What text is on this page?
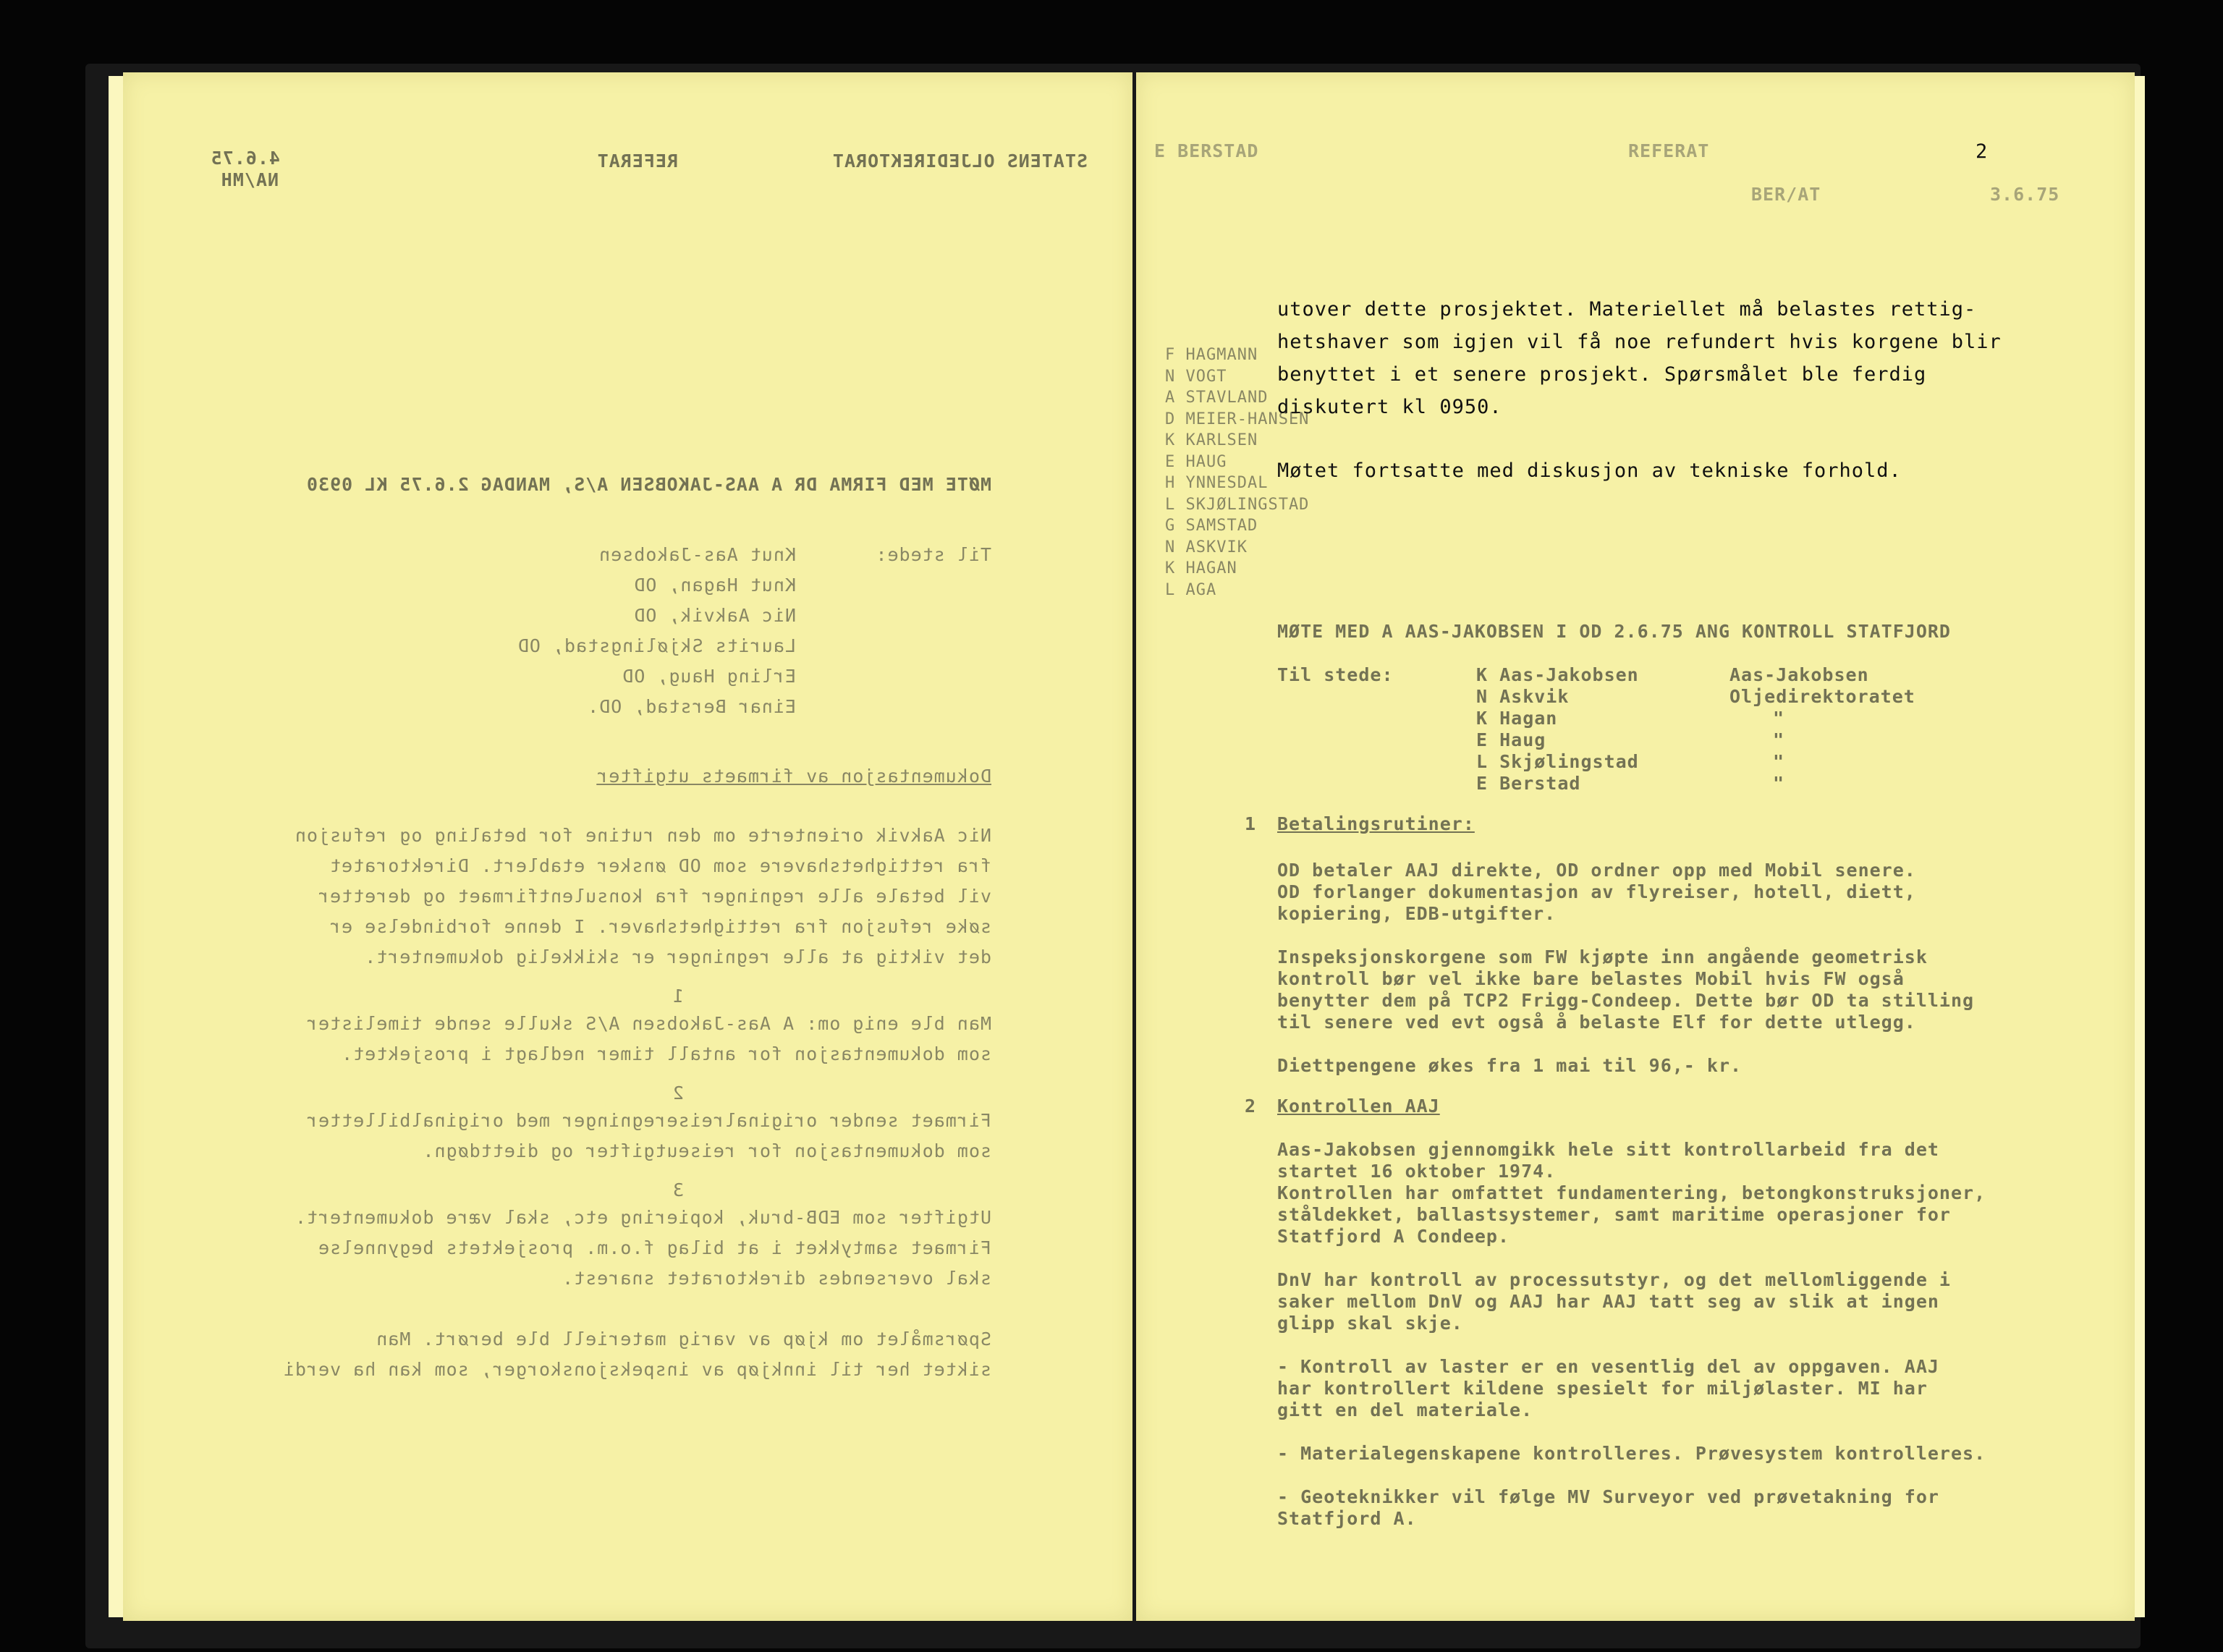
STATENS OLJEDIREKTORAT
REFERAT
4.6.75
NA/MH
MØTE MED FIRMA DR A AAS-JAKOBSEN A/S, MANDAG 2.6.75 KL 0930
Til stede:
Knut Aas-Jakobsen
Knut Hagan, OD
Nic Aakvik, OD
Laurits Skjølingstad, OD
Erling Haug, OD
Einar Berstad, OD.
Dokumentasjon av firmaets utgifter
Nic Aakvik orienterte om den rutine for betaling og refusjon
fra rettighetshavere som OD ønsker etablert. Direktoratet
vil betale alle regninger fra konsulentfirmaet og deretter
søke refusjon fra rettighetshaver. I denne forbindelse er
det viktig at alle regninger er skikkelig dokumentert.
1
Man ble enig om: A Aas-Jakobsen A/S skulle sende timelister
som dokumentasjon for antall timer nedlagt i prosjektet.
2
Firmaet sender originalreiseregninger med originalbilletter
som dokumentasjon for reiseutgifter og diettdøgn.
3
Utgifter som EDB-bruk, kopiering etc, skal være dokumentert.
Firmaet samtykket i at bilag f.o.m. prosjektets begynnelse
skal oversendes direktoratet snarest.
Spørsmålet om kjøp av varig materiell ble berørt. Man
siktet her til innkjøp av inspeksjonskorger, som kan ha verdi
E BERSTAD	REFERAT	2
BER/AT	3.6.75
F HAGMANN
N VOGT
A STAVLAND
D MEIER-HANSEN
K KARLSEN
E HAUG
H YNNESDAL
L SKJØLINGSTAD
G SAMSTAD
N ASKVIK
K HAGAN
L AGA
utover dette prosjektet. Materiellet må belastes rettig-
hetshaver som igjen vil få noe refundert hvis korgene blir
benyttet i et senere prosjekt. Spørsmålet ble ferdig
diskutert kl 0950.
Møtet fortsatte med diskusjon av tekniske forhold.
MØTE MED A AAS-JAKOBSEN I OD 2.6.75 ANG KONTROLL STATFJORD
Til stede:	K Aas-Jakobsen	Aas-Jakobsen
N Askvik	Oljedirektoratet
K Hagan	"
E Haug	"
L Skjølingstad	"
E Berstad	"
1 Betalingsrutiner:
OD betaler AAJ direkte, OD ordner opp med Mobil senere.
OD forlanger dokumentasjon av flyreiser, hotell, diett,
kopiering, EDB-utgifter.
Inspeksjonskorgene som FW kjøpte inn angående geometrisk
kontroll bør vel ikke bare belastes Mobil hvis FW også
benytter dem på TCP2 Frigg-Condeep. Dette bør OD ta stilling
til senere ved evt også å belaste Elf for dette utlegg.
Diettpengene økes fra 1 mai til 96,- kr.
2 Kontrollen AAJ
Aas-Jakobsen gjennomgikk hele sitt kontrollarbeid fra det
startet 16 oktober 1974.
Kontrollen har omfattet fundamentering, betongkonstruksjoner,
ståldekket, ballastsystemer, samt maritime operasjoner for
Statfjord A Condeep.
DnV har kontroll av processutstyr, og det mellomliggende i
saker mellom DnV og AAJ har AAJ tatt seg av slik at ingen
glipp skal skje.
- Kontroll av laster er en vesentlig del av oppgaven. AAJ
har kontrollert kildene spesielt for miljølaster. MI har
gitt en del materiale.
- Materialegenskapene kontrolleres. Prøvesystem kontrolleres.
- Geoteknikker vil følge MV Surveyor ved prøvetakning for
Statfjord A.
